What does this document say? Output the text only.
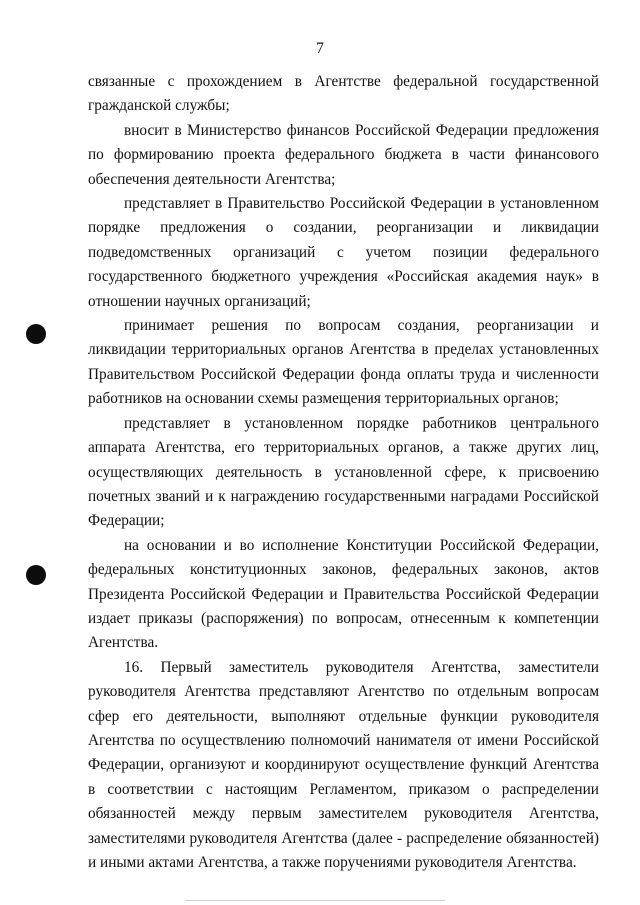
7

связанные с прохождением в Агентстве федеральной государственной гражданской службы;

вносит в Министерство финансов Российской Федерации предложения по формированию проекта федерального бюджета в части финансового обеспечения деятельности Агентства;

представляет в Правительство Российской Федерации в установленном порядке предложения о создании, реорганизации и ликвидации подведомственных организаций с учетом позиции федерального государственного бюджетного учреждения «Российская академия наук» в отношении научных организаций;

принимает решения по вопросам создания, реорганизации и ликвидации территориальных органов Агентства в пределах установленных Правительством Российской Федерации фонда оплаты труда и численности работников на основании схемы размещения территориальных органов;

представляет в установленном порядке работников центрального аппарата Агентства, его территориальных органов, а также других лиц, осуществляющих деятельность в установленной сфере, к присвоению почетных званий и к награждению государственными наградами Российской Федерации;

на основании и во исполнение Конституции Российской Федерации, федеральных конституционных законов, федеральных законов, актов Президента Российской Федерации и Правительства Российской Федерации издает приказы (распоряжения) по вопросам, отнесенным к компетенции Агентства.

16. Первый заместитель руководителя Агентства, заместители руководителя Агентства представляют Агентство по отдельным вопросам сфер его деятельности, выполняют отдельные функции руководителя Агентства по осуществлению полномочий нанимателя от имени Российской Федерации, организуют и координируют осуществление функций Агентства в соответствии с настоящим Регламентом, приказом о распределении обязанностей между первым заместителем руководителя Агентства, заместителями руководителя Агентства (далее - распределение обязанностей) и иными актами Агентства, а также поручениями руководителя Агентства.
